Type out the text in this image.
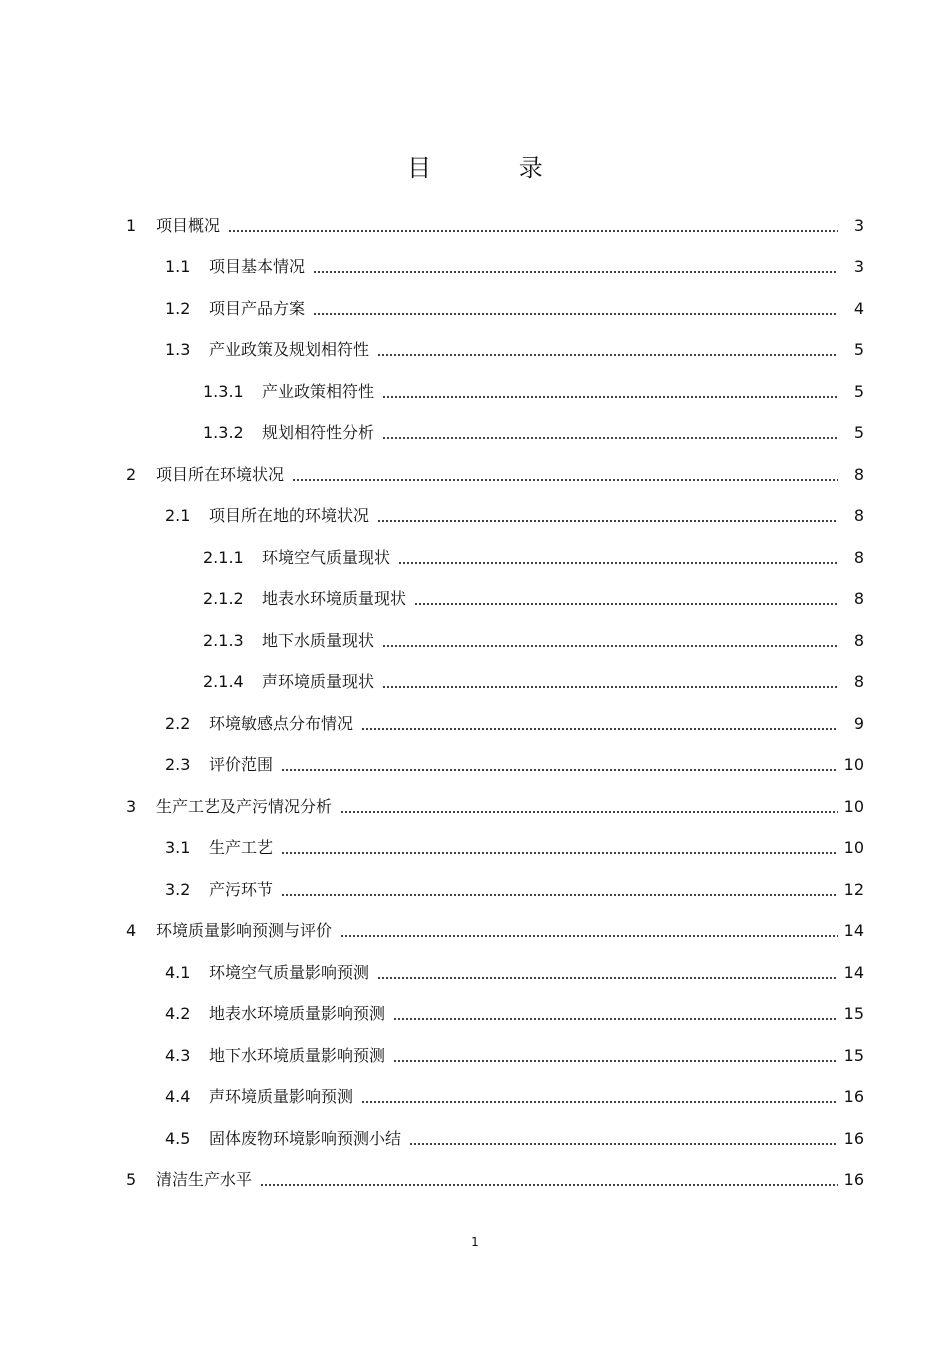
目 录
1	项目概况	3
1.1	项目基本情况	3
1.2	项目产品方案	4
1.3	产业政策及规划相符性	5
1.3.1	产业政策相符性	5
1.3.2	规划相符性分析	5
2	项目所在环境状况	8
2.1	项目所在地的环境状况	8
2.1.1	环境空气质量现状	8
2.1.2	地表水环境质量现状	8
2.1.3	地下水质量现状	8
2.1.4	声环境质量现状	8
2.2	环境敏感点分布情况	9
2.3	评价范围	10
3	生产工艺及产污情况分析	10
3.1	生产工艺	10
3.2	产污环节	12
4	环境质量影响预测与评价	14
4.1	环境空气质量影响预测	14
4.2	地表水环境质量影响预测	15
4.3	地下水环境质量影响预测	15
4.4	声环境质量影响预测	16
4.5	固体废物环境影响预测小结	16
5	清洁生产水平	16
1
